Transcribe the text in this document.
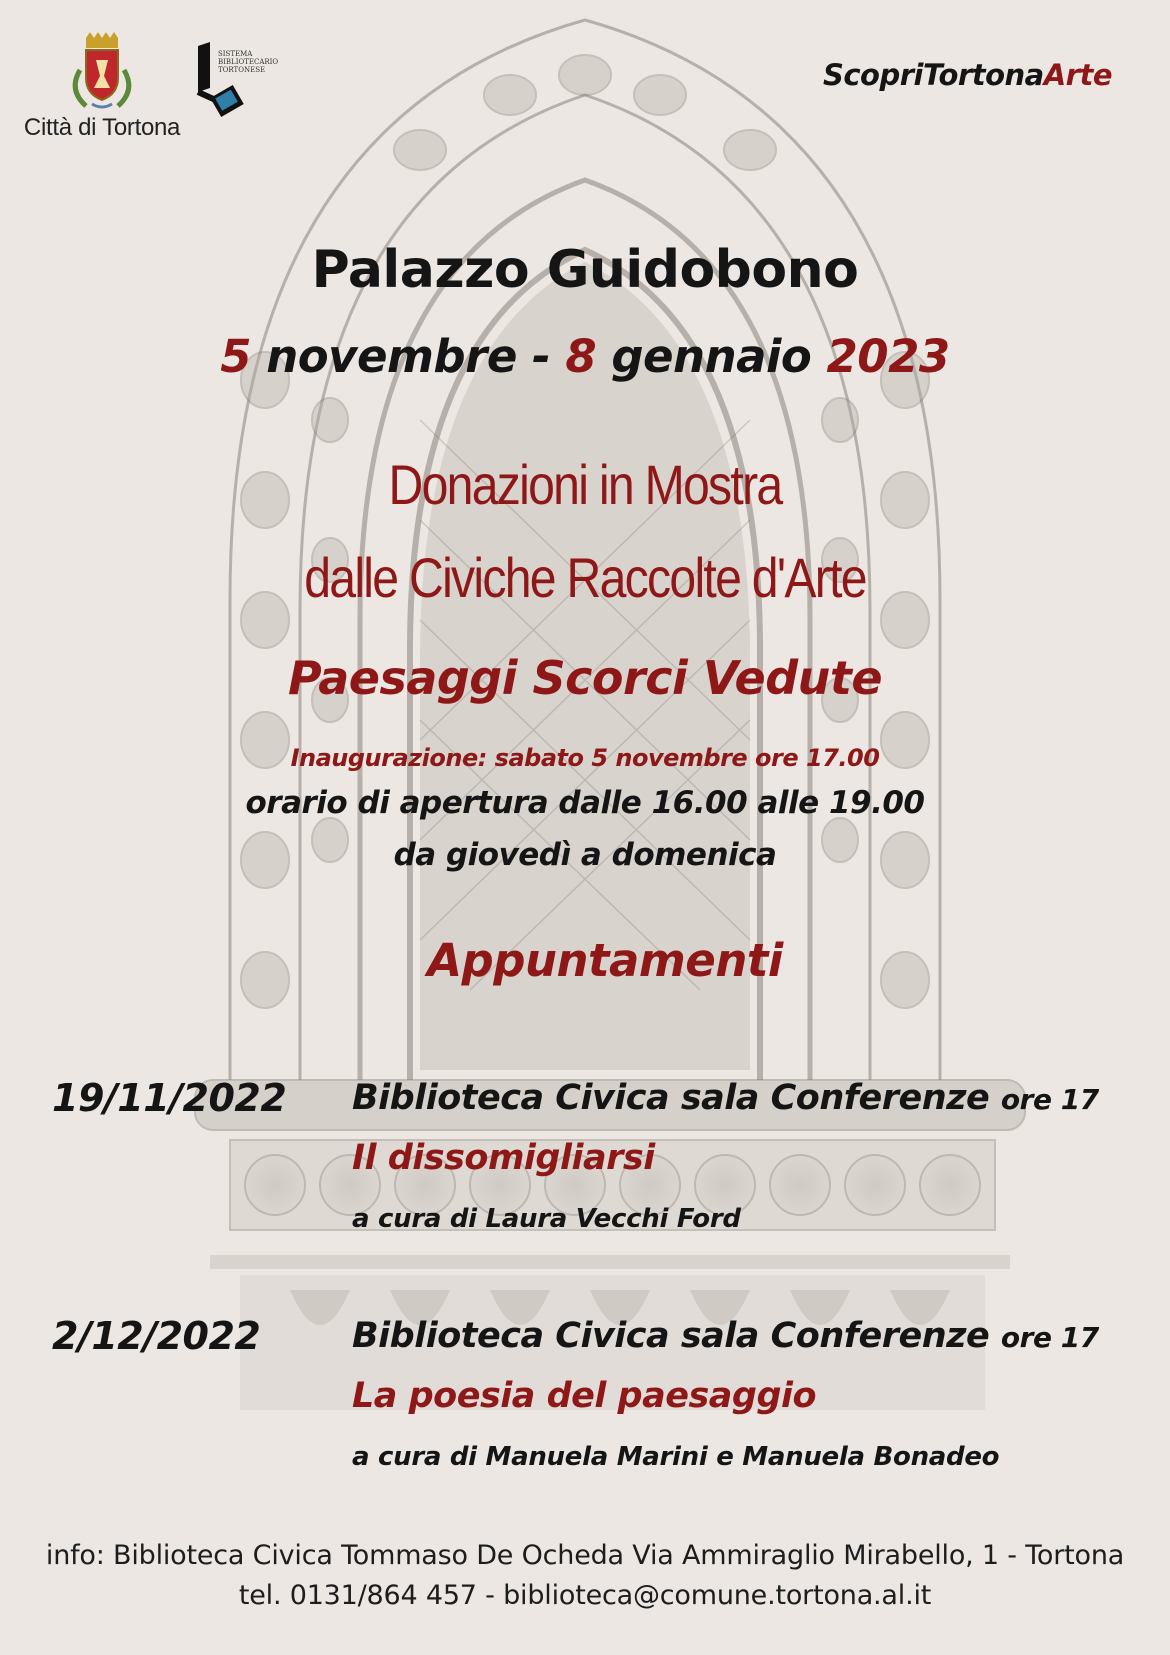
Città di Tortona
SISTEMA
BIBLIOTECARIO
TORTONESE	ScopriTortonaArte
Palazzo Guidobono
5 novembre - 8 gennaio 2023
Donazioni in Mostra
dalle Civiche Raccolte d'Arte
Paesaggi Scorci Vedute
Inaugurazione: sabato 5 novembre ore 17.00
orario di apertura dalle 16.00 alle 19.00
da giovedì a domenica
Appuntamenti
19/11/2022 Biblioteca Civica sala Conferenze ore 17
Il dissomigliarsi
a cura di Laura Vecchi Ford
2/12/2022	Biblioteca Civica sala Conferenze ore 17
La poesia del paesaggio
a cura di Manuela Marini e Manuela Bonadeo
info: Biblioteca Civica Tommaso De Ocheda Via Ammiraglio Mirabello, 1 - Tortona
tel. 0131/864 457 - biblioteca@comune.tortona.al.it
